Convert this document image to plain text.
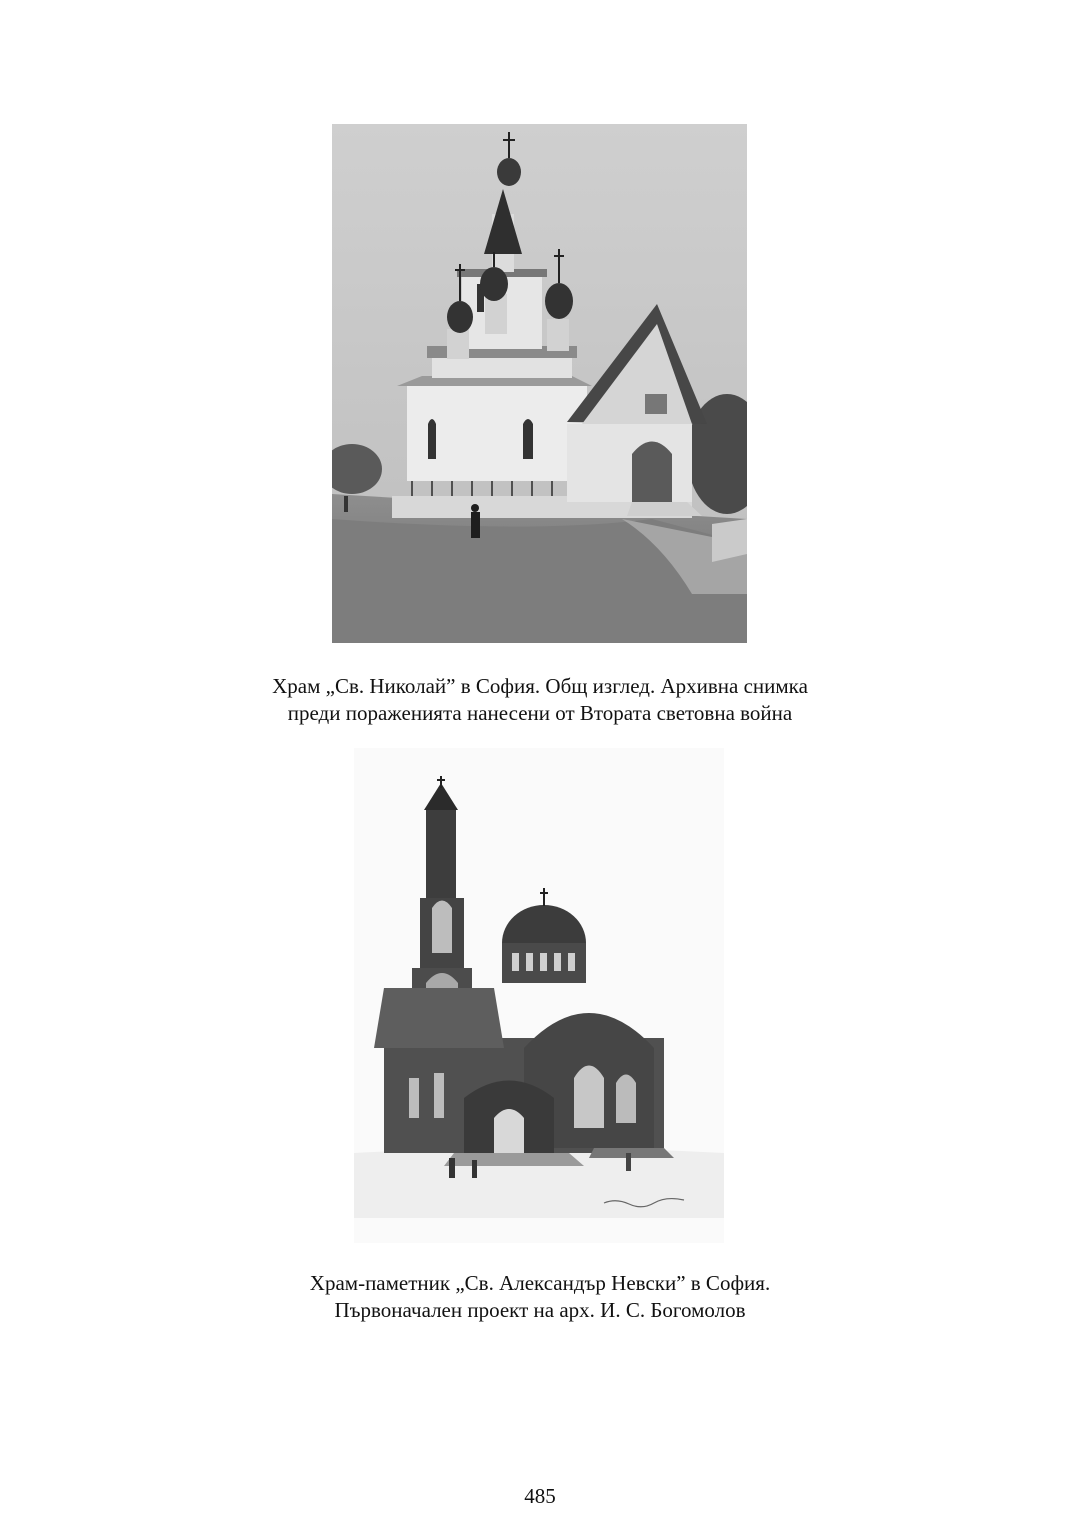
Храм „Св. Николай” в София. Общ изглед. Архивна снимка
преди пораженията нанесени от Втората световна война
Храм-паметник „Св. Александър Невски” в София.
Първоначален проект на арх. И. С. Богомолов
485
